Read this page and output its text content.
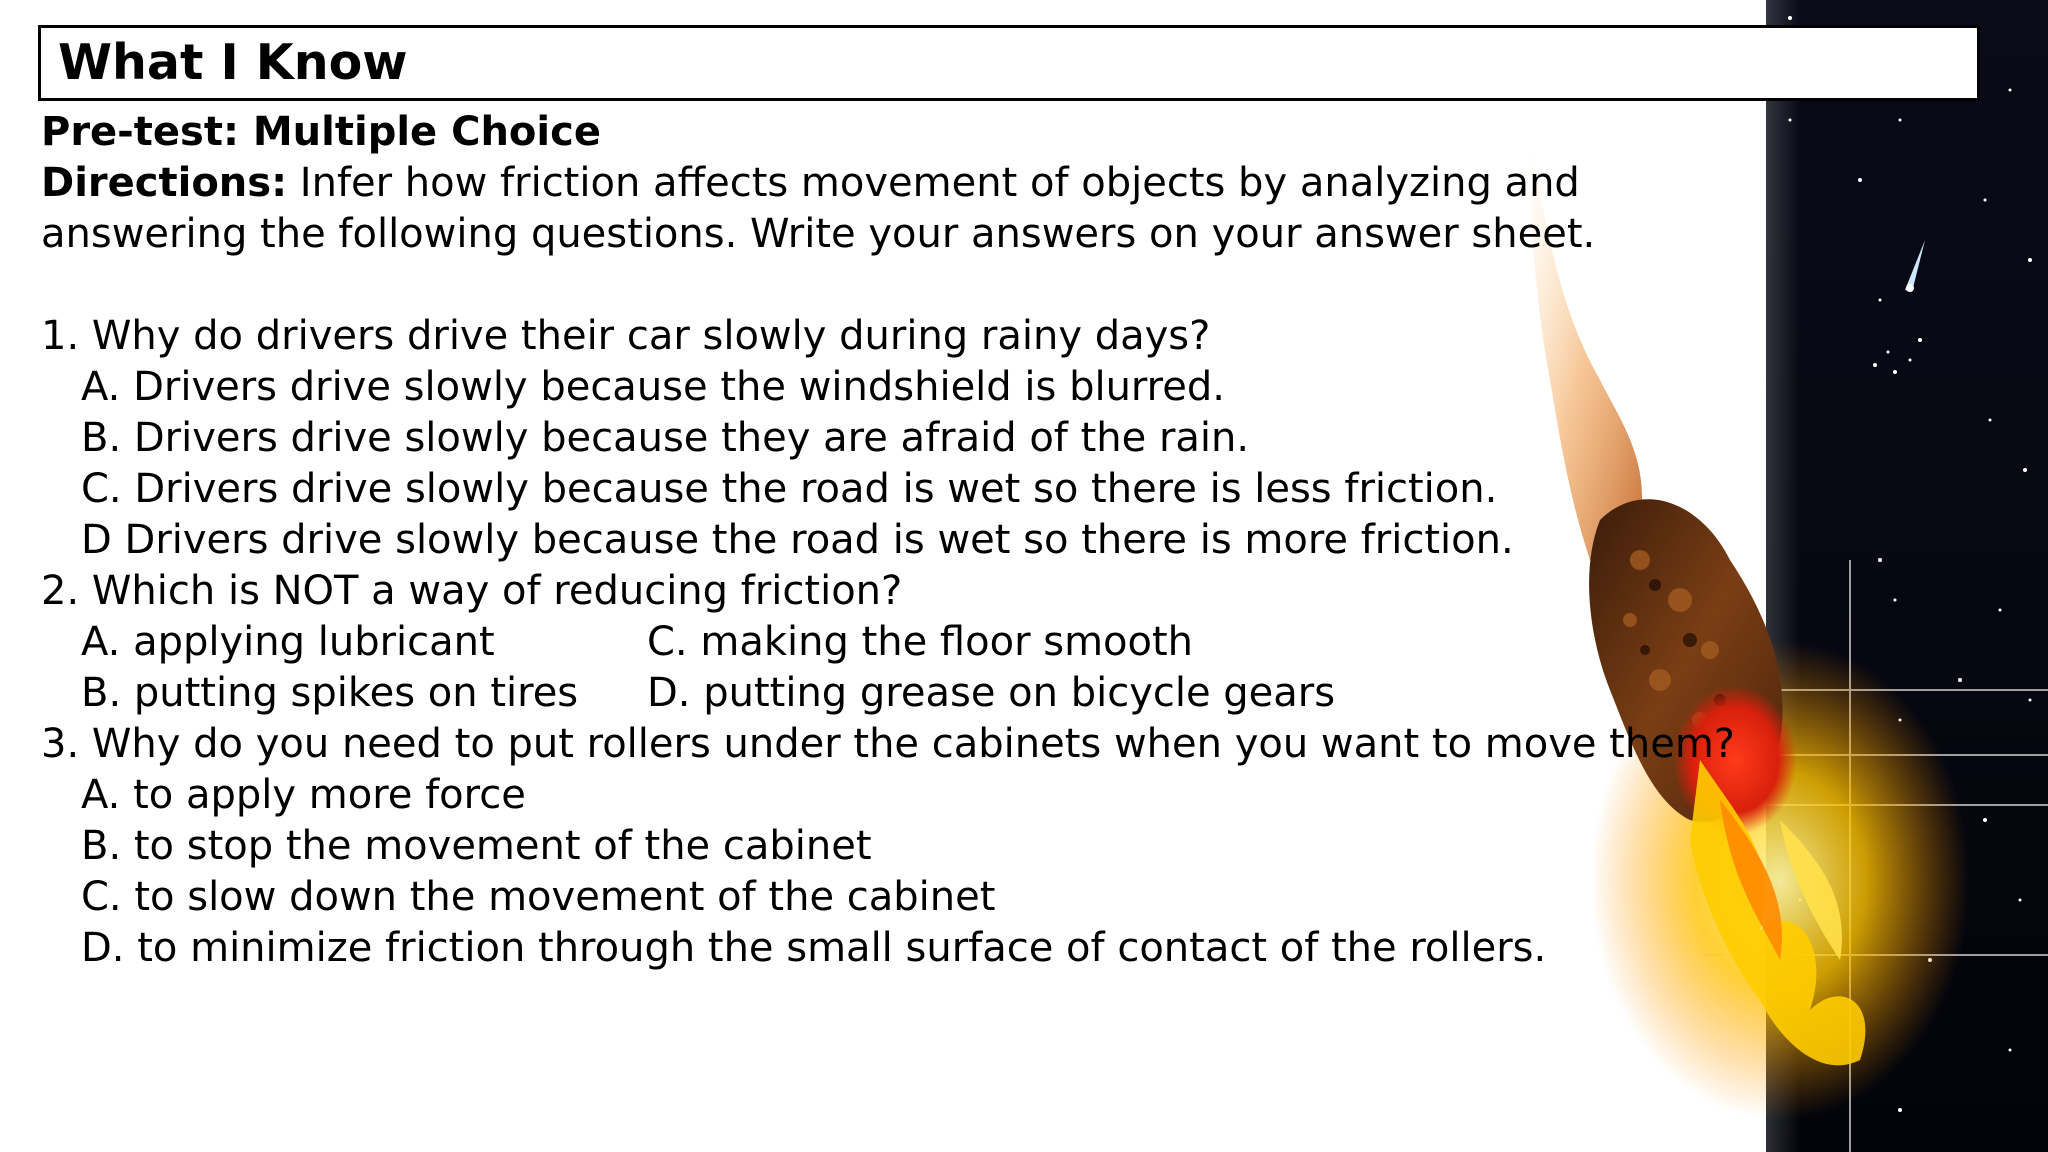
What I Know
Pre-test: Multiple Choice
Directions: Infer how friction affects movement of objects by analyzing and
answering the following questions. Write your answers on your answer sheet.
1. Why do drivers drive their car slowly during rainy days?
A. Drivers drive slowly because the windshield is blurred.
B. Drivers drive slowly because they are afraid of the rain.
C. Drivers drive slowly because the road is wet so there is less friction.
D Drivers drive slowly because the road is wet so there is more friction.
2. Which is NOT a way of reducing friction?
A. applying lubricant	C. making the floor smooth
B. putting spikes on tires	D. putting grease on bicycle gears
3. Why do you need to put rollers under the cabinets when you want to move them?
A. to apply more force
B. to stop the movement of the cabinet
C. to slow down the movement of the cabinet
D. to minimize friction through the small surface of contact of the rollers.
